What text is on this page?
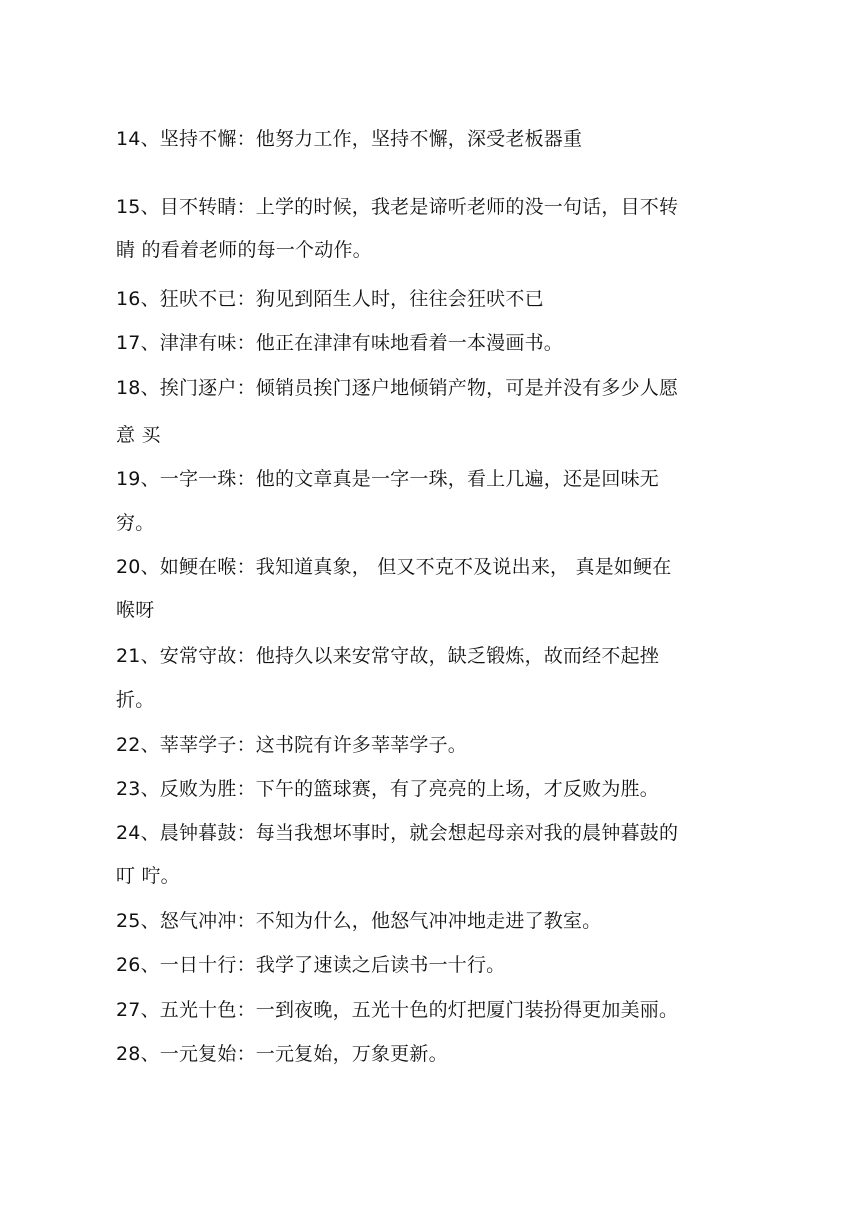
14、坚持不懈：他努力工作，坚持不懈，深受老板器重
15、目不转睛：上学的时候，我老是谛听老师的没一句话，目不转
睛 的看着老师的每一个动作。
16、狂吠不已：狗见到陌生人时，往往会狂吠不已
17、津津有味：他正在津津有味地看着一本漫画书。
18、挨门逐户：倾销员挨门逐户地倾销产物，可是并没有多少人愿
意 买
19、一字一珠：他的文章真是一字一珠，看上几遍，还是回味无
穷。
20、如鲠在喉：我知道真象， 但又不克不及说出来， 真是如鲠在
喉呀
21、安常守故：他持久以来安常守故，缺乏锻炼，故而经不起挫
折。
22、莘莘学子：这书院有许多莘莘学子。
23、反败为胜：下午的篮球赛，有了亮亮的上场，才反败为胜。
24、晨钟暮鼓：每当我想坏事时，就会想起母亲对我的晨钟暮鼓的
叮 咛。
25、怒气冲冲：不知为什么，他怒气冲冲地走进了教室。
26、一日十行：我学了速读之后读书一十行。
27、五光十色：一到夜晚，五光十色的灯把厦门装扮得更加美丽。
28、一元复始：一元复始，万象更新。
